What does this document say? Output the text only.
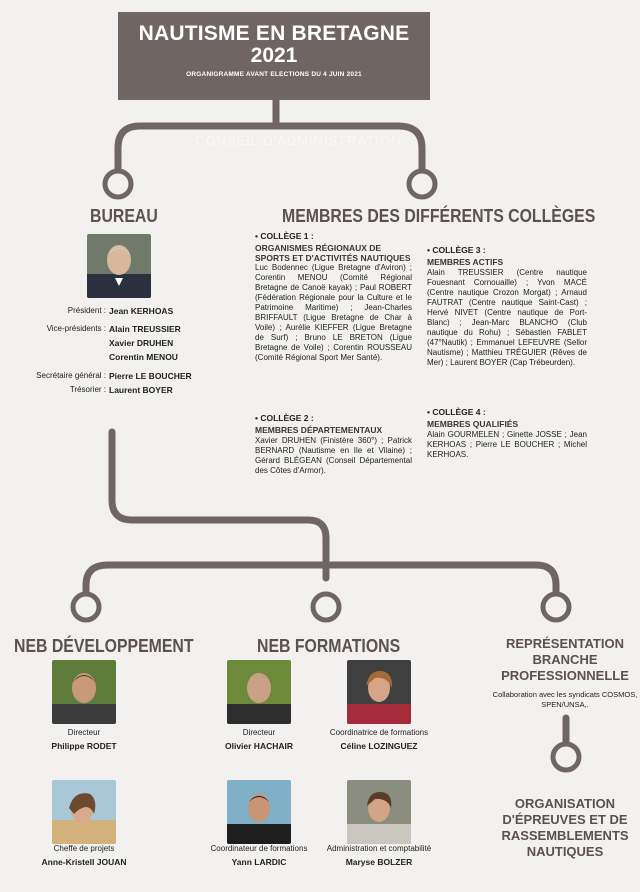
NAUTISME EN BRETAGNE
2021
ORGANIGRAMME AVANT ELECTIONS DU 4 JUIN 2021
CONSEIL D'ADMINISTRATION
BUREAU	MEMBRES DES DIFFÉRENTS COLLÈGES
Président : Jean KERHOAS
Vice-présidents : Alain TREUSSIER
Xavier DRUHEN
Corentin MENOU
Secrétaire général : Pierre LE BOUCHER
Trésorier : Laurent BOYER
• COLLÈGE 1 :
ORGANISMES RÉGIONAUX DE SPORTS ET D'ACTIVITÉS NAUTIQUES
Luc Bodennec (Ligue Bretagne d'Aviron) ; Corentin MENOU (Comité Régional Bretagne de Canoë kayak) ; Paul ROBERT (Fédération Régionale pour la Culture et le Patrimoine Maritime) ; Jean-Charles BRIFFAULT (Ligue Bretagne de Char à Voile) ; Aurélie KIEFFER (Ligue Bretagne de Surf) ; Bruno LE BRETON (Ligue Bretagne de Voile) ; Corentin ROUSSEAU (Comité Régional Sport Mer Santé).
• COLLÈGE 2 :
MEMBRES DÉPARTEMENTAUX
Xavier DRUHEN (Finistère 360°) ; Patrick BERNARD (Nautisme en Ile et Vilaine) ; Gérard BLÉGEAN (Conseil Départemental des Côtes d'Armor).
• COLLÈGE 3 :
MEMBRES ACTIFS
Alain TREUSSIER (Centre nautique Fouesnant Cornouaille) ; Yvon MACÉ (Centre nautique Crozon Morgat) ; Arnaud FAUTRAT (Centre nautique Saint-Cast) ; Hervé NIVET (Centre nautique de Port-Blanc) ; Jean-Marc BLANCHO (Club nautique du Rohu) ; Sébastien FABLET (47°Nautik) ; Emmanuel LEFEUVRE (Sellor Nautisme) ; Matthieu TRÉGUIER (Rêves de Mer) ; Laurent BOYER (Cap Trébeurden).
• COLLÈGE 4 :
MEMBRES QUALIFIÉS
Alain GOURMELEN ; Ginette JOSSE ; Jean KERHOAS ; Pierre LE BOUCHER ; Michel KERHOAS.
NEB DÉVELOPPEMENT	NEB FORMATIONS	REPRÉSENTATION BRANCHE PROFESSIONNELLE
Collaboration avec les syndicats COSMOS, SPEN/UNSA,.
ORGANISATION D'ÉPREUVES ET DE RASSEMBLEMENTS NAUTIQUES
Directeur
Philippe RODET
Cheffe de projets
Anne-Kristell JOUAN
Directeur
Olivier HACHAIR
Coordinatrice de formations
Céline LOZINGUEZ
Coordinateur de formations
Yann LARDIC
Administration et comptabilité
Maryse BOLZER
